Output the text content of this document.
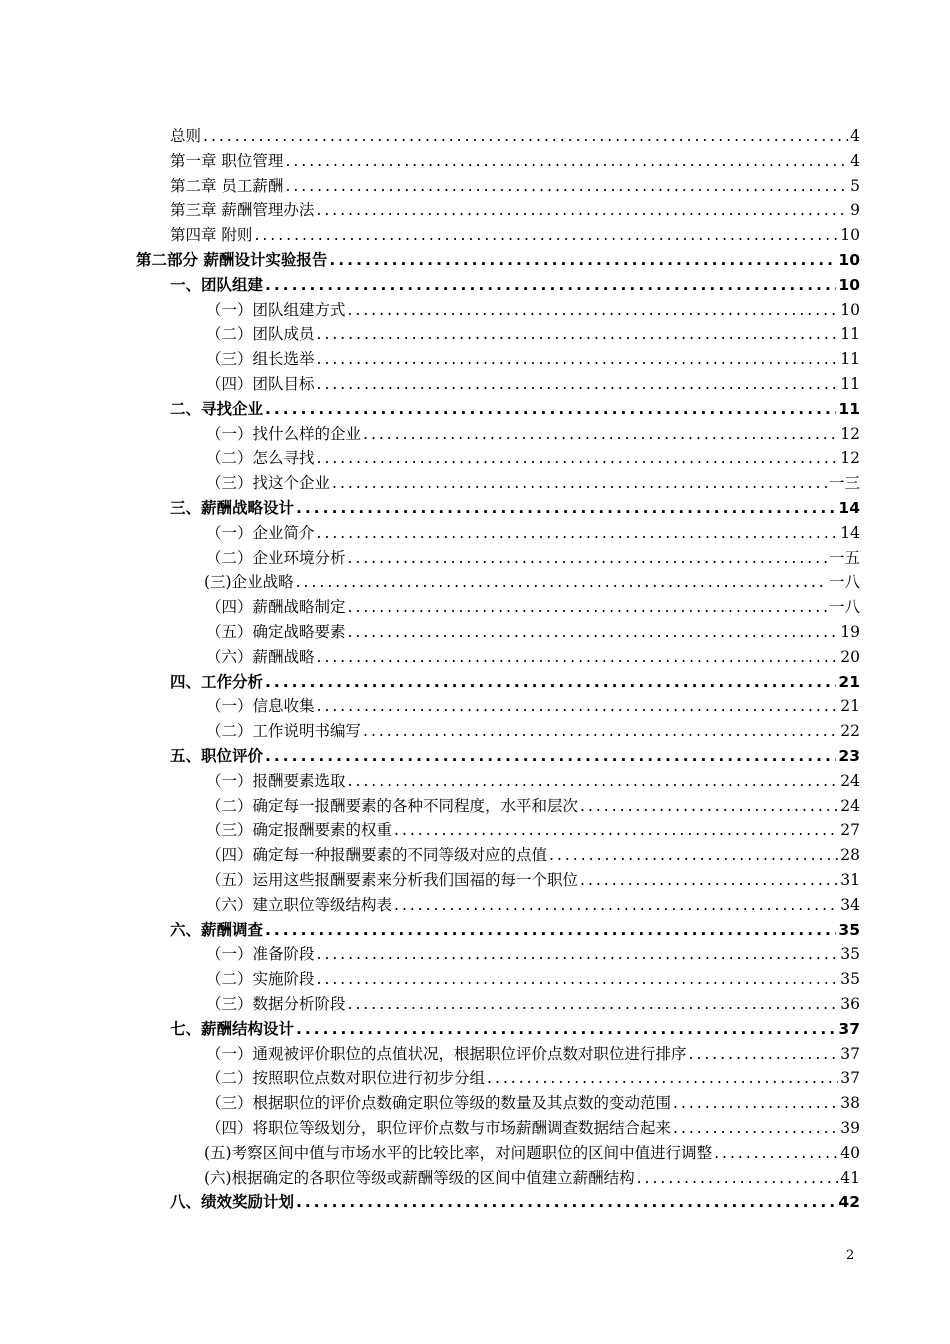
总则 .....	4
第一章 职位管理 .....	4
第二章 员工薪酬 .....	5
第三章 薪酬管理办法 .....	9
第四章 附则 .....	10
第二部分 薪酬设计实验报告 .....	10
一、团队组建 .....	10
（一）团队组建方式 .....	10
（二）团队成员 .....	11
（三）组长选举 .....	11
（四）团队目标 .....	11
二、寻找企业 .....	11
（一）找什么样的企业 .....	12
（二）怎么寻找 .....	12
（三）找这个企业 .....	一三
三、薪酬战略设计 .....	14
（一）企业简介 .....	14
（二）企业环境分析 .....	一五
(三)企业战略 .....	一八
（四）薪酬战略制定 .....	一八
（五）确定战略要素 .....	19
（六）薪酬战略 .....	20
四、工作分析 .....	21
（一）信息收集 .....	21
（二）工作说明书编写 .....	22
五、职位评价 .....	23
（一）报酬要素选取 .....	24
（二）确定每一报酬要素的各种不同程度，水平和层次 .....	24
（三）确定报酬要素的权重 .....	27
（四）确定每一种报酬要素的不同等级对应的点值 .....	28
（五）运用这些报酬要素来分析我们国福的每一个职位 .....	31
（六）建立职位等级结构表 .....	34
六、薪酬调查 .....	35
（一）准备阶段 .....	35
（二）实施阶段 .....	35
（三）数据分析阶段 .....	36
七、薪酬结构设计 .....	37
（一）通观被评价职位的点值状况，根据职位评价点数对职位进行排序 .....	37
（二）按照职位点数对职位进行初步分组 .....	37
（三）根据职位的评价点数确定职位等级的数量及其点数的变动范围 .....	38
（四）将职位等级划分，职位评价点数与市场薪酬调查数据结合起来 .....	39
(五)考察区间中值与市场水平的比较比率，对问题职位的区间中值进行调整 .....	40
(六)根据确定的各职位等级或薪酬等级的区间中值建立薪酬结构 .....	41
八、绩效奖励计划 .....	42
2
